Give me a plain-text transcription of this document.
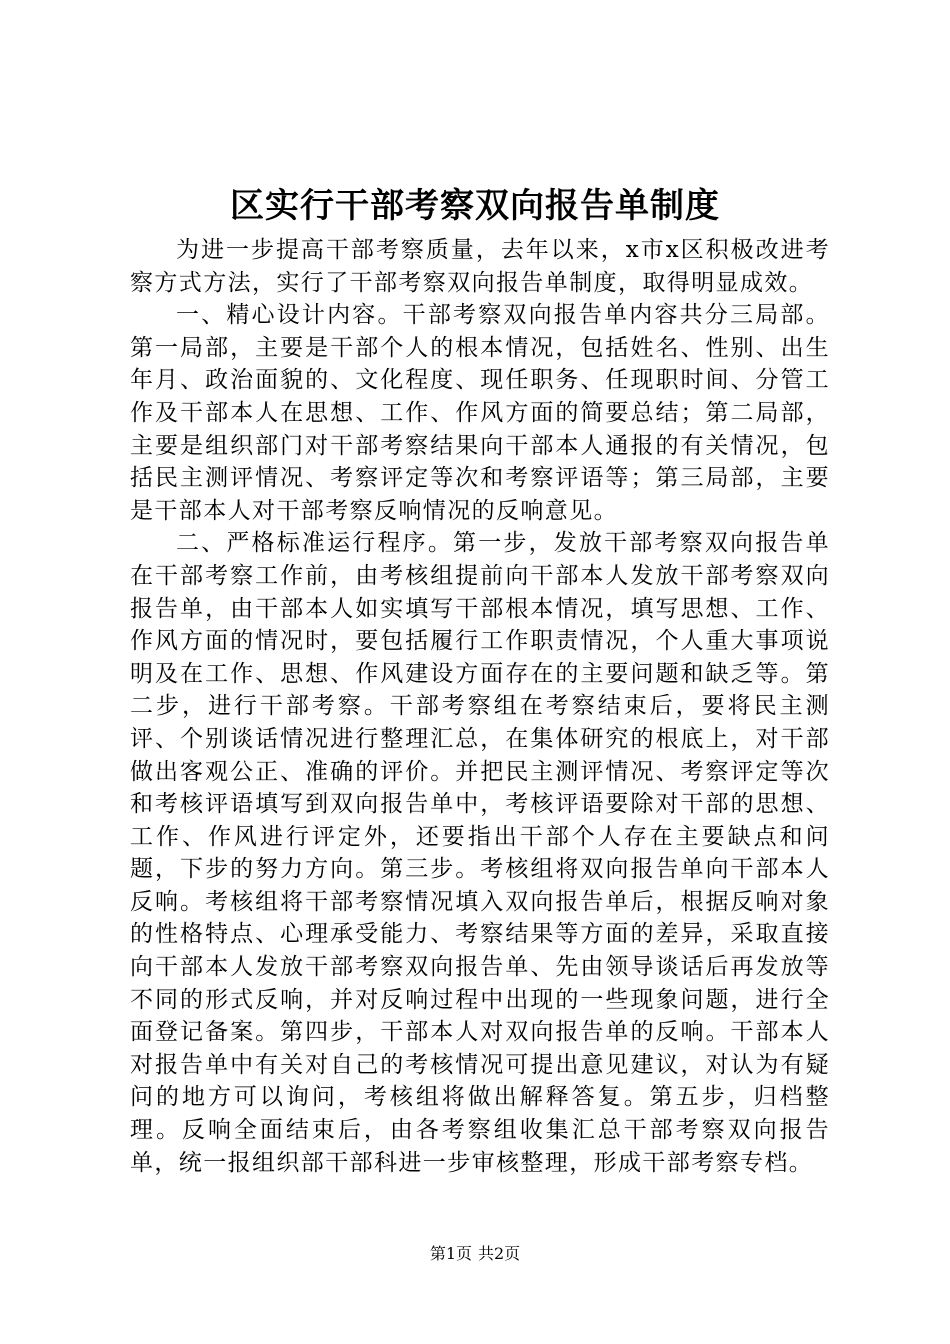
区实行干部考察双向报告单制度

为进一步提高干部考察质量，去年以来，x市x区积极改进考察方式方法，实行了干部考察双向报告单制度，取得明显成效。

一、精心设计内容。干部考察双向报告单内容共分三局部。第一局部，主要是干部个人的根本情况，包括姓名、性别、出生年月、政治面貌的、文化程度、现任职务、任现职时间、分管工作及干部本人在思想、工作、作风方面的简要总结；第二局部，主要是组织部门对干部考察结果向干部本人通报的有关情况，包括民主测评情况、考察评定等次和考察评语等；第三局部，主要是干部本人对干部考察反响情况的反响意见。

二、严格标准运行程序。第一步，发放干部考察双向报告单在干部考察工作前，由考核组提前向干部本人发放干部考察双向报告单，由干部本人如实填写干部根本情况，填写思想、工作、作风方面的情况时，要包括履行工作职责情况，个人重大事项说明及在工作、思想、作风建设方面存在的主要问题和缺乏等。第二步，进行干部考察。干部考察组在考察结束后，要将民主测评、个别谈话情况进行整理汇总，在集体研究的根底上，对干部做出客观公正、准确的评价。并把民主测评情况、考察评定等次和考核评语填写到双向报告单中，考核评语要除对干部的思想、工作、作风进行评定外，还要指出干部个人存在主要缺点和问题，下步的努力方向。第三步。考核组将双向报告单向干部本人反响。考核组将干部考察情况填入双向报告单后，根据反响对象的性格特点、心理承受能力、考察结果等方面的差异，采取直接向干部本人发放干部考察双向报告单、先由领导谈话后再发放等不同的形式反响，并对反响过程中出现的一些现象问题，进行全面登记备案。第四步，干部本人对双向报告单的反响。干部本人对报告单中有关对自己的考核情况可提出意见建议，对认为有疑问的地方可以询问，考核组将做出解释答复。第五步，归档整理。反响全面结束后，由各考察组收集汇总干部考察双向报告单，统一报组织部干部科进一步审核整理，形成干部考察专档。

第1页 共2页
